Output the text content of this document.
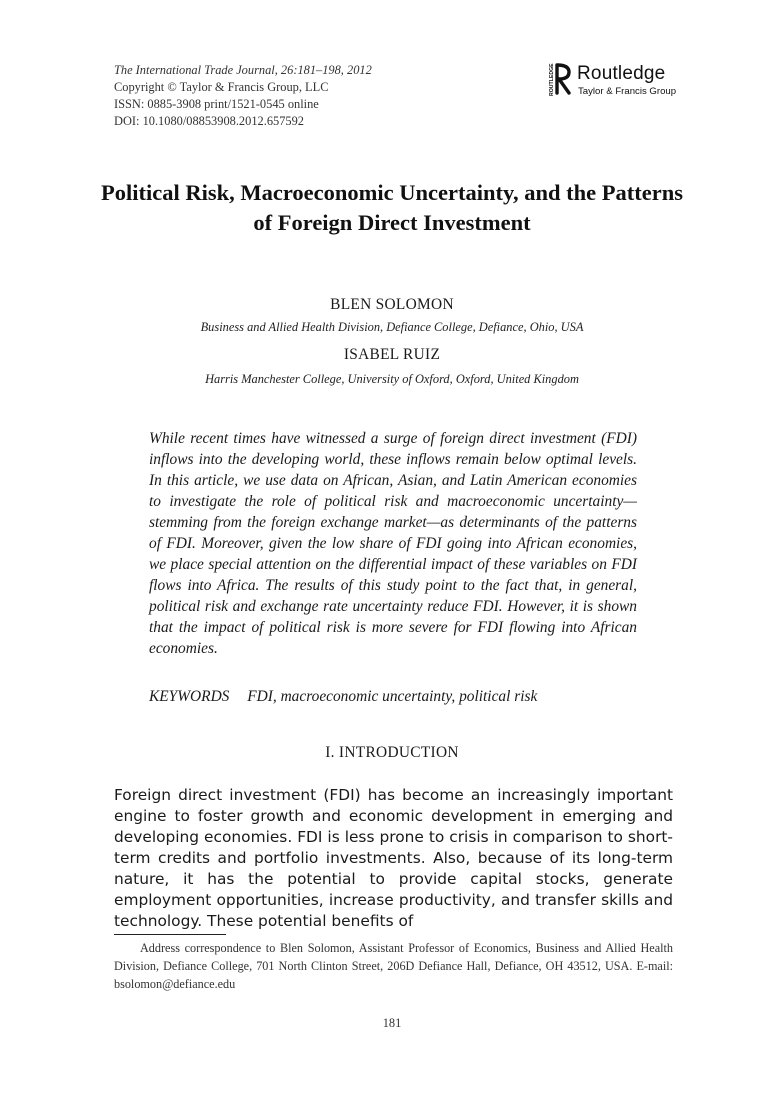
The International Trade Journal, 26:181–198, 2012
Copyright © Taylor & Francis Group, LLC
ISSN: 0885-3908 print/1521-0545 online
DOI: 10.1080/08853908.2012.657592
ROUTLEDGE Routledge
Taylor & Francis Group
Political Risk, Macroeconomic Uncertainty, and the Patterns of Foreign Direct Investment
BLEN SOLOMON
Business and Allied Health Division, Defiance College, Defiance, Ohio, USA
ISABEL RUIZ
Harris Manchester College, University of Oxford, Oxford, United Kingdom
While recent times have witnessed a surge of foreign direct investment (FDI) inflows into the developing world, these inflows remain below optimal levels. In this article, we use data on African, Asian, and Latin American economies to investigate the role of political risk and macroeconomic uncertainty—stemming from the foreign exchange market—as determinants of the patterns of FDI. Moreover, given the low share of FDI going into African economies, we place special attention on the differential impact of these variables on FDI flows into Africa. The results of this study point to the fact that, in general, political risk and exchange rate uncertainty reduce FDI. However, it is shown that the impact of political risk is more severe for FDI flowing into African economies.
KEYWORDS FDI, macroeconomic uncertainty, political risk
I. INTRODUCTION
Foreign direct investment (FDI) has become an increasingly important engine to foster growth and economic development in emerging and developing economies. FDI is less prone to crisis in comparison to short-term credits and portfolio investments. Also, because of its long-term nature, it has the potential to provide capital stocks, generate employment opportunities, increase productivity, and transfer skills and technology. These potential benefits of
Address correspondence to Blen Solomon, Assistant Professor of Economics, Business and Allied Health Division, Defiance College, 701 North Clinton Street, 206D Defiance Hall, Defiance, OH 43512, USA. E-mail: bsolomon@defiance.edu
181
